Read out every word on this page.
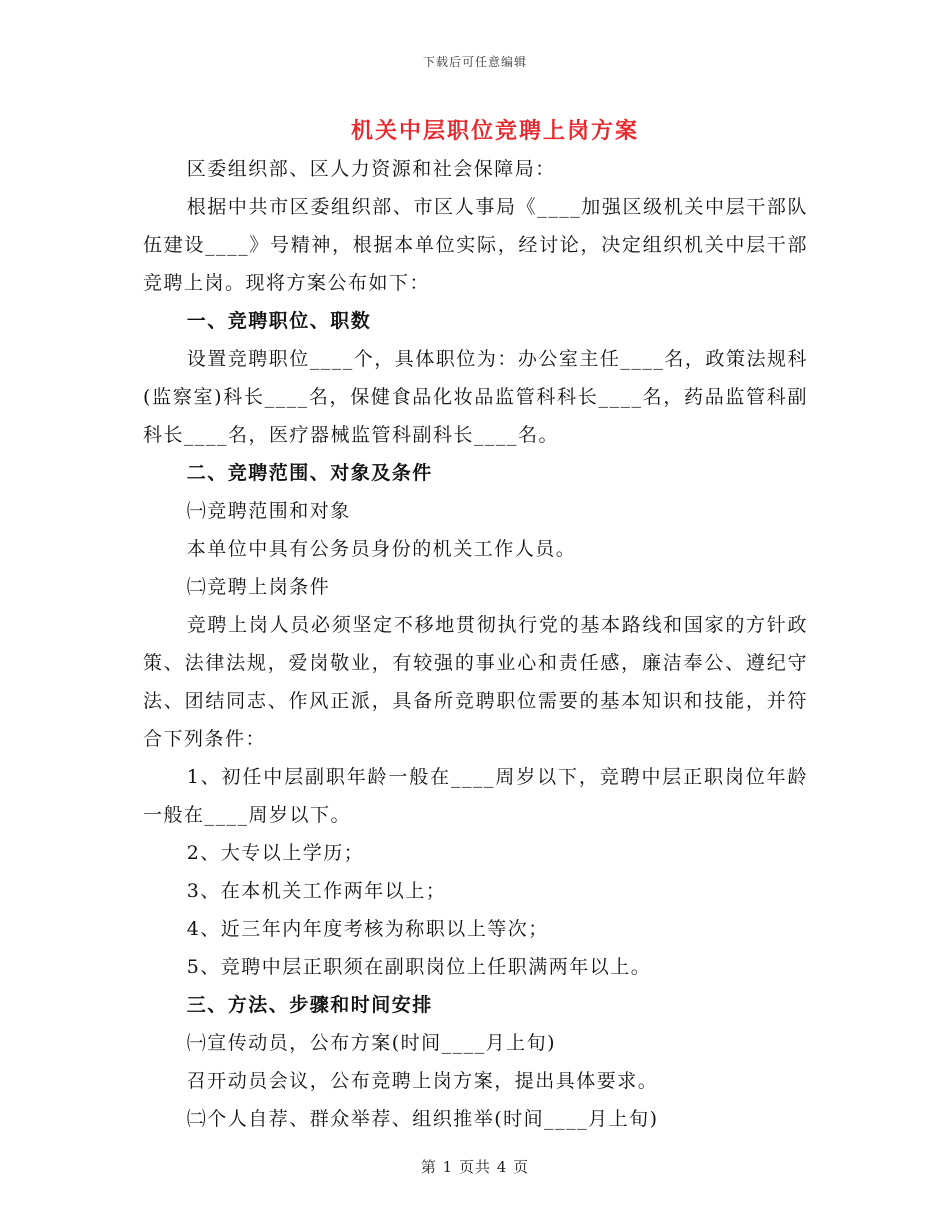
下载后可任意编辑
机关中层职位竞聘上岗方案

区委组织部、区人力资源和社会保障局：

根据中共市区委组织部、市区人事局《____加强区级机关中层干部队伍建设____》号精神，根据本单位实际，经讨论，决定组织机关中层干部竞聘上岗。现将方案公布如下：

一、竞聘职位、职数

设置竞聘职位____个，具体职位为：办公室主任____名，政策法规科(监察室)科长____名，保健食品化妆品监管科科长____名，药品监管科副科长____名，医疗器械监管科副科长____名。

二、竞聘范围、对象及条件

㈠竞聘范围和对象

本单位中具有公务员身份的机关工作人员。

㈡竞聘上岗条件

竞聘上岗人员必须坚定不移地贯彻执行党的基本路线和国家的方针政策、法律法规，爱岗敬业，有较强的事业心和责任感，廉洁奉公、遵纪守法、团结同志、作风正派，具备所竞聘职位需要的基本知识和技能，并符合下列条件：

1、初任中层副职年龄一般在____周岁以下，竞聘中层正职岗位年龄一般在____周岁以下。

2、大专以上学历；

3、在本机关工作两年以上；

4、近三年内年度考核为称职以上等次；

5、竞聘中层正职须在副职岗位上任职满两年以上。

三、方法、步骤和时间安排

㈠宣传动员，公布方案(时间____月上旬)

召开动员会议，公布竞聘上岗方案，提出具体要求。

㈡个人自荐、群众举荐、组织推举(时间____月上旬)

第 1 页共 4 页
